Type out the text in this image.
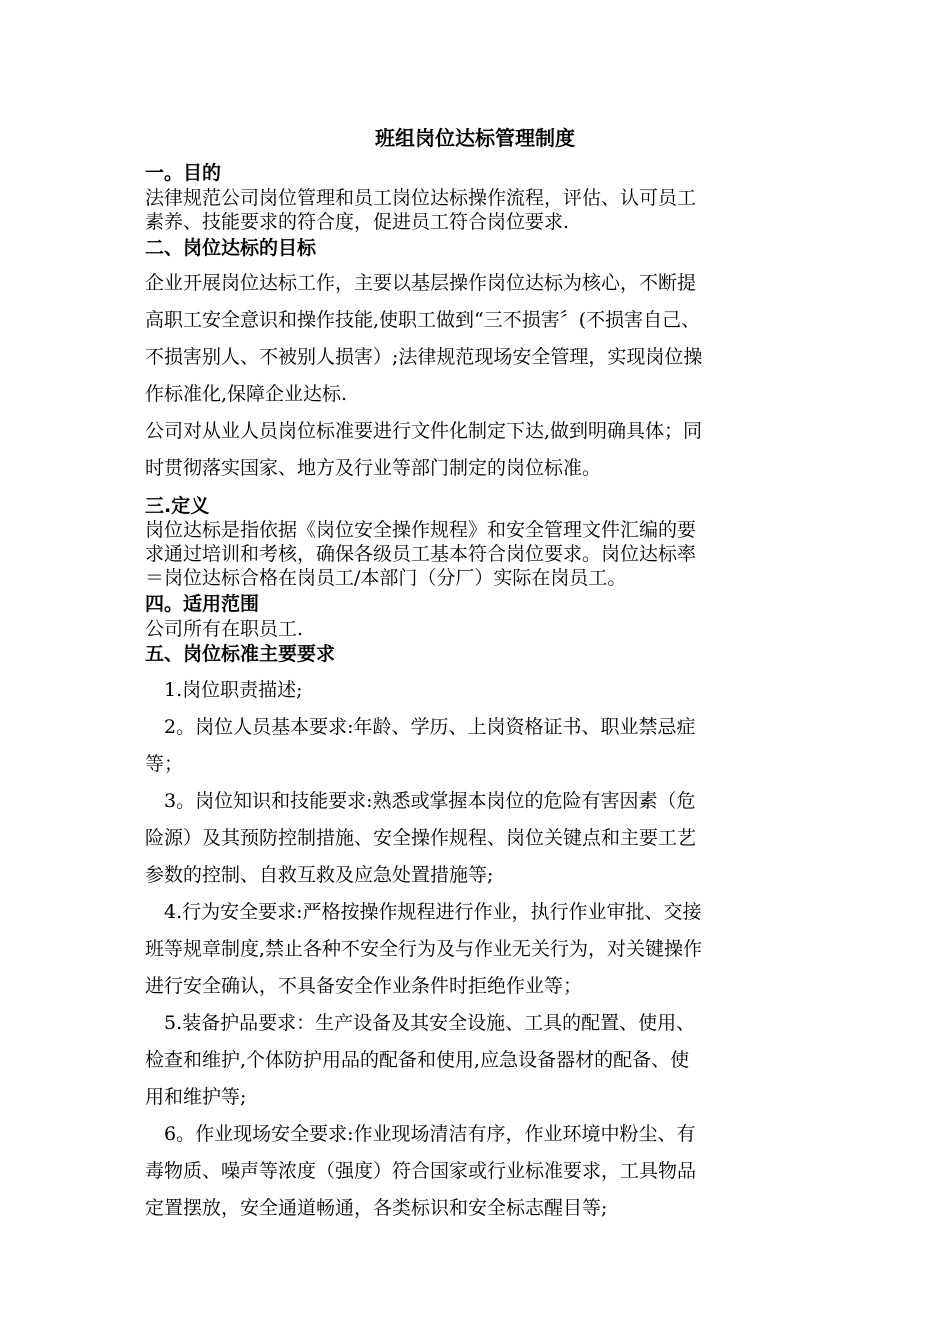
班组岗位达标管理制度
一。目的
法律规范公司岗位管理和员工岗位达标操作流程，评估、认可员工
素养、技能要求的符合度，促进员工符合岗位要求.
二、岗位达标的目标
企业开展岗位达标工作，主要以基层操作岗位达标为核心，不断提
高职工安全意识和操作技能,使职工做到“三不损害〞(不损害自己、
不损害别人、不被别人损害）;法律规范现场安全管理，实现岗位操
作标准化,保障企业达标.
公司对从业人员岗位标准要进行文件化制定下达,做到明确具体；同
时贯彻落实国家、地方及行业等部门制定的岗位标准。
三.定义
岗位达标是指依据《岗位安全操作规程》和安全管理文件汇编的要
求通过培训和考核，确保各级员工基本符合岗位要求。岗位达标率
＝岗位达标合格在岗员工/本部门（分厂）实际在岗员工。
四。适用范围
公司所有在职员工.
五、岗位标准主要要求
　1.岗位职责描述;
　2。岗位人员基本要求:年龄、学历、上岗资格证书、职业禁忌症
等；
　3。岗位知识和技能要求:熟悉或掌握本岗位的危险有害因素（危
险源）及其预防控制措施、安全操作规程、岗位关键点和主要工艺
参数的控制、自救互救及应急处置措施等;
　4.行为安全要求:严格按操作规程进行作业，执行作业审批、交接
班等规章制度,禁止各种不安全行为及与作业无关行为，对关键操作
进行安全确认，不具备安全作业条件时拒绝作业等；
　5.装备护品要求：生产设备及其安全设施、工具的配置、使用、
检查和维护,个体防护用品的配备和使用,应急设备器材的配备、使
用和维护等;
　6。作业现场安全要求:作业现场清洁有序，作业环境中粉尘、有
毒物质、噪声等浓度（强度）符合国家或行业标准要求，工具物品
定置摆放，安全通道畅通，各类标识和安全标志醒目等;
